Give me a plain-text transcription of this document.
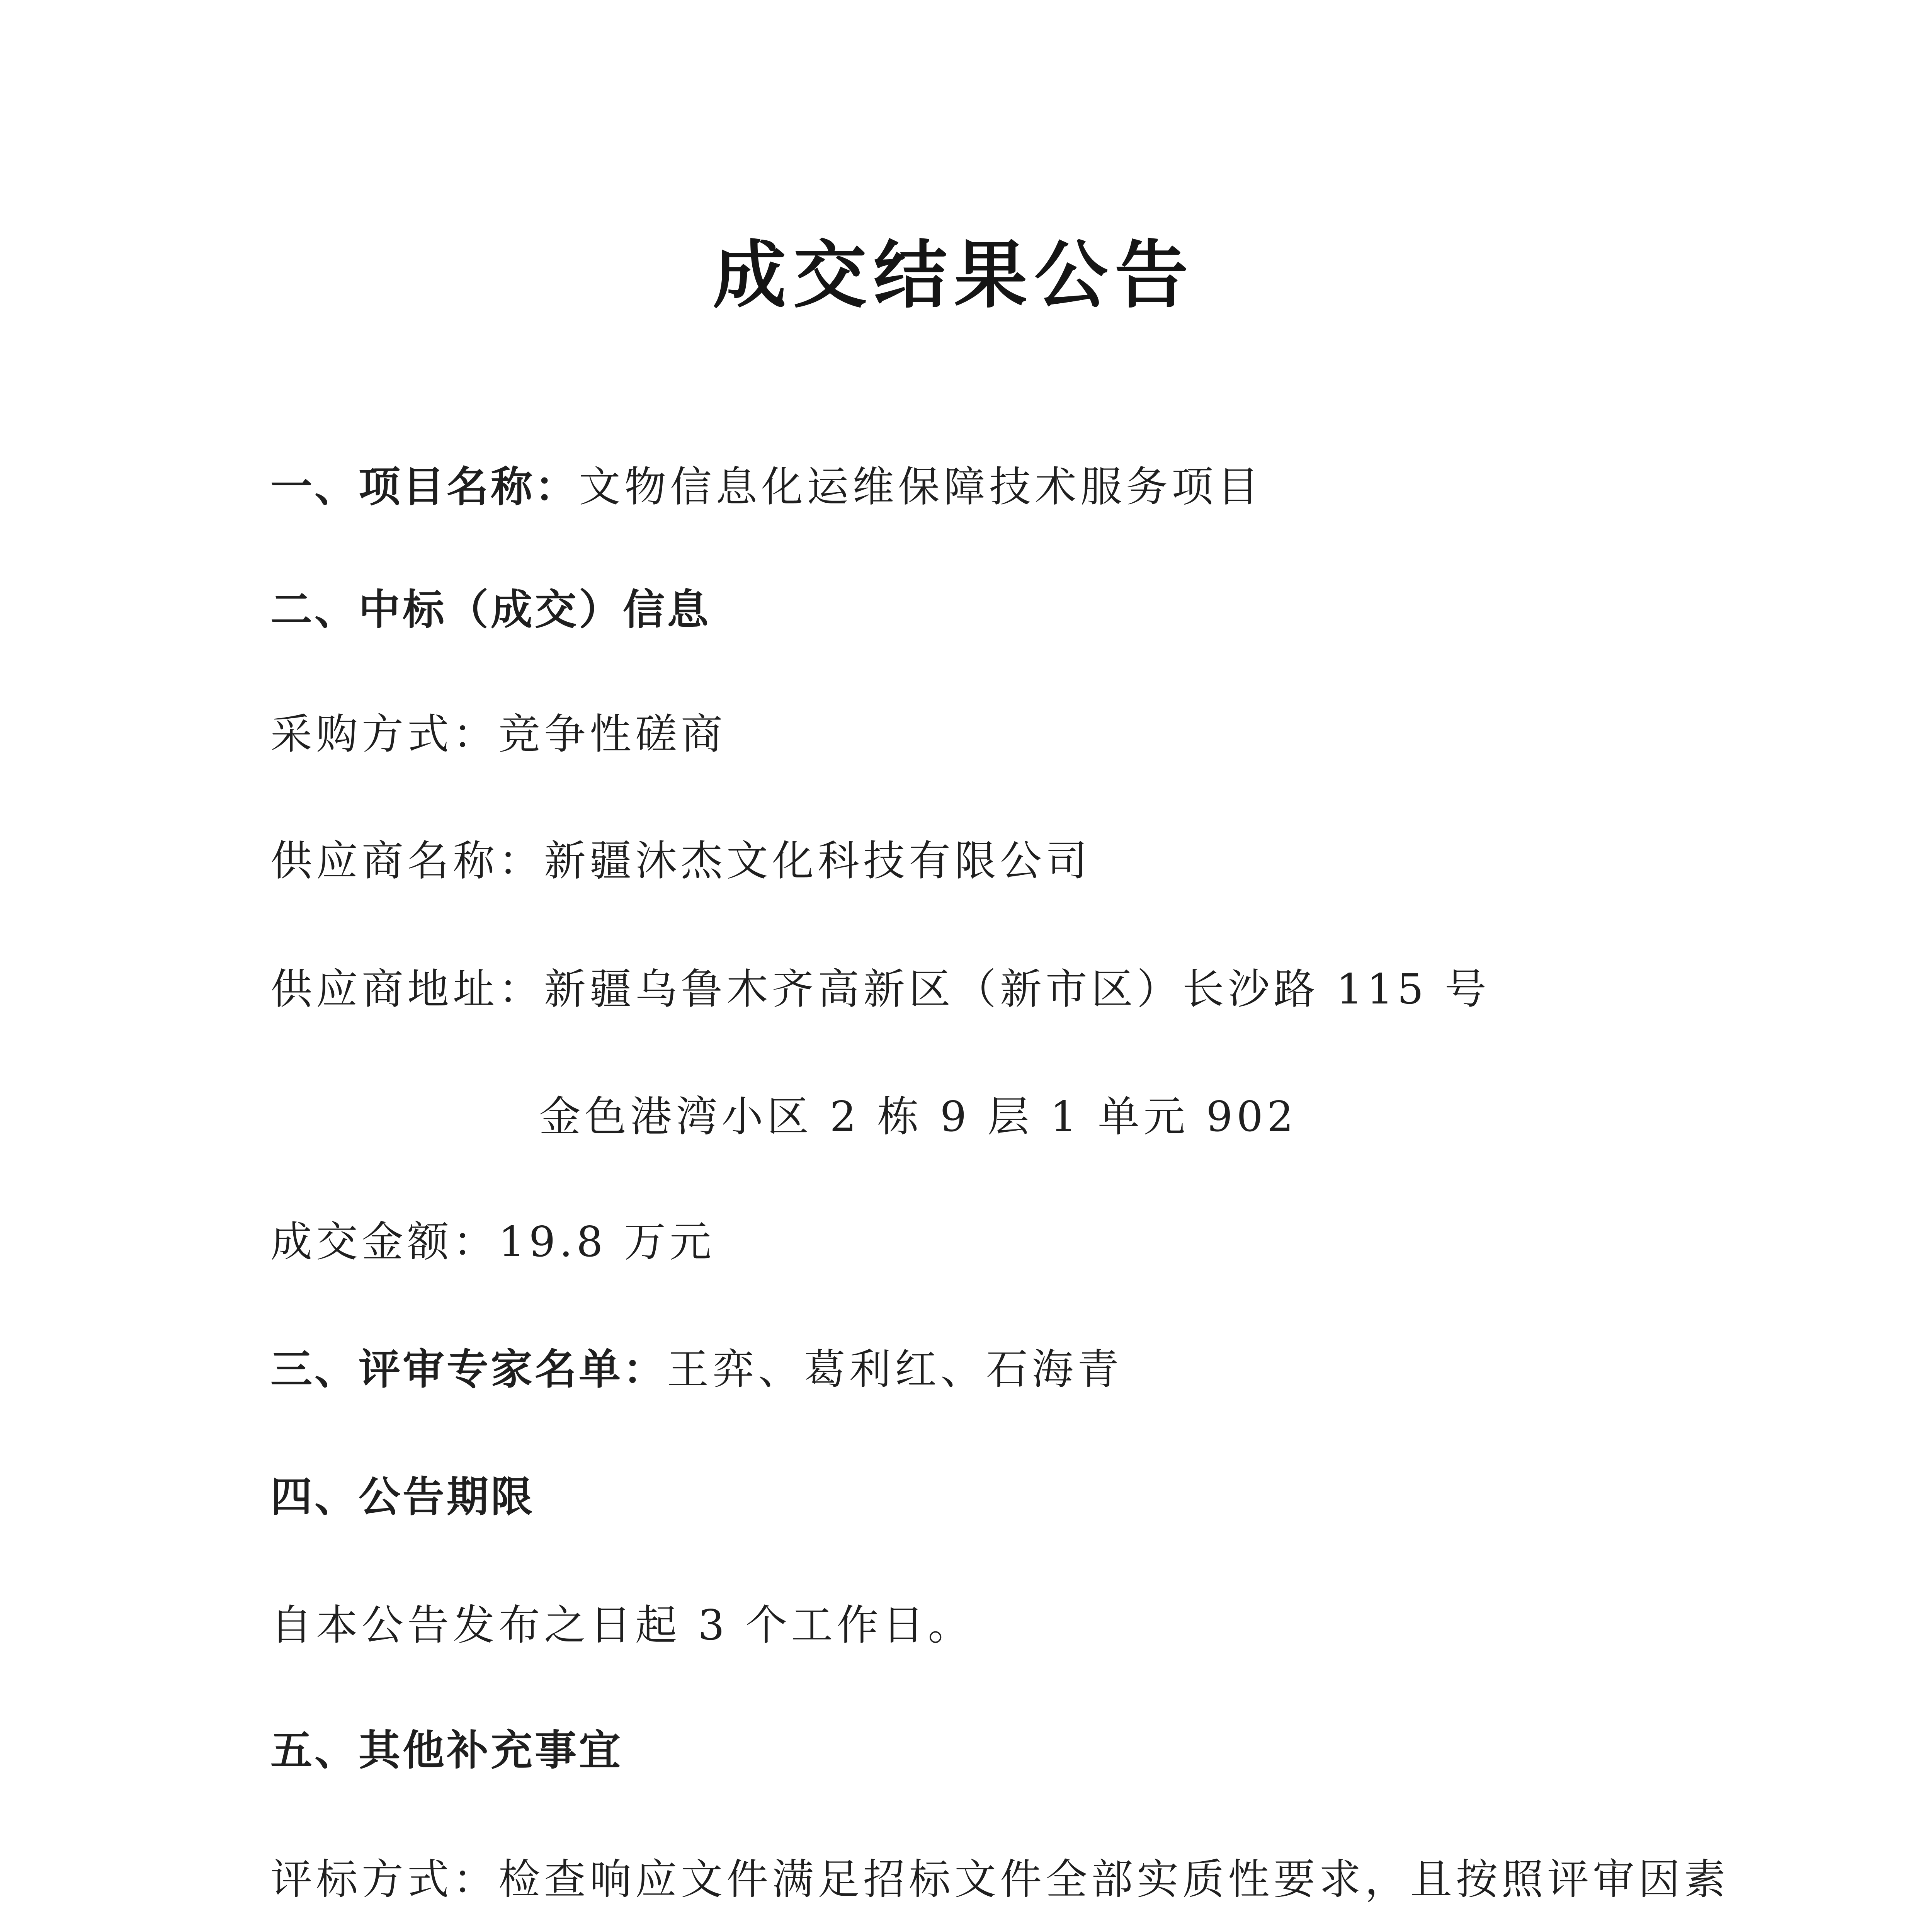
成交结果公告
一、项目名称：文物信息化运维保障技术服务项目
二、中标（成交）信息
采购方式：竞争性磋商
供应商名称：新疆沐杰文化科技有限公司
供应商地址：新疆乌鲁木齐高新区（新市区）长沙路 115 号
金色港湾小区 2 栋 9 层 1 单元 902
成交金额：19.8 万元
三、评审专家名单：王弈、葛利红、石海青
四、公告期限
自本公告发布之日起 3 个工作日。
五、其他补充事宜
评标方式：检查响应文件满足招标文件全部实质性要求，且按照评审因素
